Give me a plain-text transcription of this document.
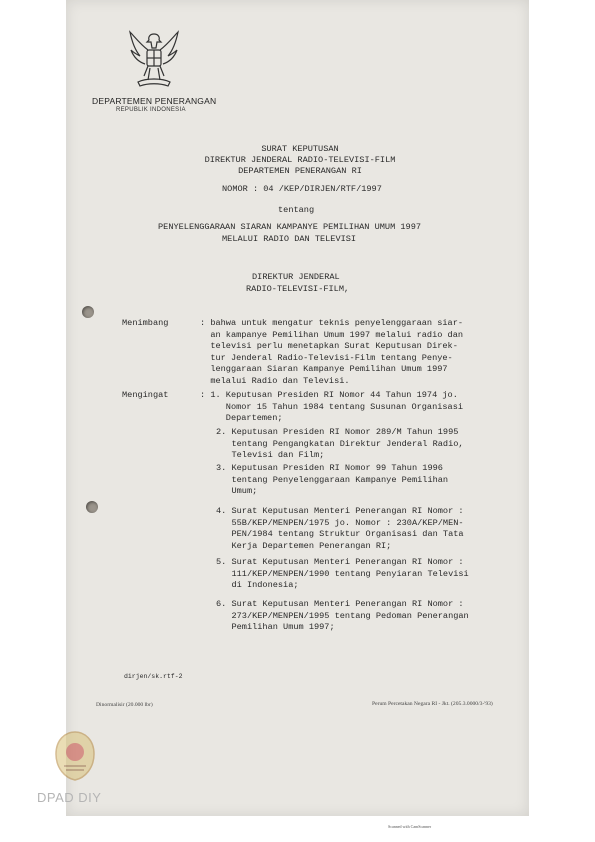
DEPARTEMEN PENERANGAN
REPUBLIK INDONESIA
SURAT KEPUTUSAN
DIREKTUR JENDERAL RADIO-TELEVISI-FILM
DEPARTEMEN PENERANGAN RI
NOMOR : 04 /KEP/DIRJEN/RTF/1997
tentang
PENYELENGGARAAN SIARAN KAMPANYE PEMILIHAN UMUM 1997
MELALUI RADIO DAN TELEVISI
DIREKTUR JENDERAL
RADIO-TELEVISI-FILM,
Menimbang	: bahwa untuk mengatur teknis penyelenggaraan siar-
an kampanye Pemilihan Umum 1997 melalui radio dan
televisi perlu menetapkan Surat Keputusan Direk-
tur Jenderal Radio-Televisi-Film tentang Penye-
lenggaraan Siaran Kampanye Pemilihan Umum 1997
melalui Radio dan Televisi.
Mengingat	: 1. Keputusan Presiden RI Nomor 44 Tahun 1974 jo.
Nomor 15 Tahun 1984 tentang Susunan Organisasi
Departemen;
2. Keputusan Presiden RI Nomor 289/M Tahun 1995
tentang Pengangkatan Direktur Jenderal Radio,
Televisi dan Film;
3. Keputusan Presiden RI Nomor 99 Tahun 1996
tentang Penyelenggaraan Kampanye Pemilihan
Umum;
4. Surat Keputusan Menteri Penerangan RI Nomor :
55B/KEP/MENPEN/1975 jo. Nomor : 230A/KEP/MEN-
PEN/1984 tentang Struktur Organisasi dan Tata
Kerja Departemen Penerangan RI;
5. Surat Keputusan Menteri Penerangan RI Nomor :
111/KEP/MENPEN/1990 tentang Penyiaran Televisi
di Indonesia;
6. Surat Keputusan Menteri Penerangan RI Nomor :
273/KEP/MENPEN/1995 tentang Pedoman Penerangan
Pemilihan Umum 1997;
dirjen/sk.rtf-2
Dinormalisir (20.000 lbr)	Perum Percetakan Negara RI - Jkt. (205.3.0000/3-'93)
DPAD DIY
Scanned with CamScanner
